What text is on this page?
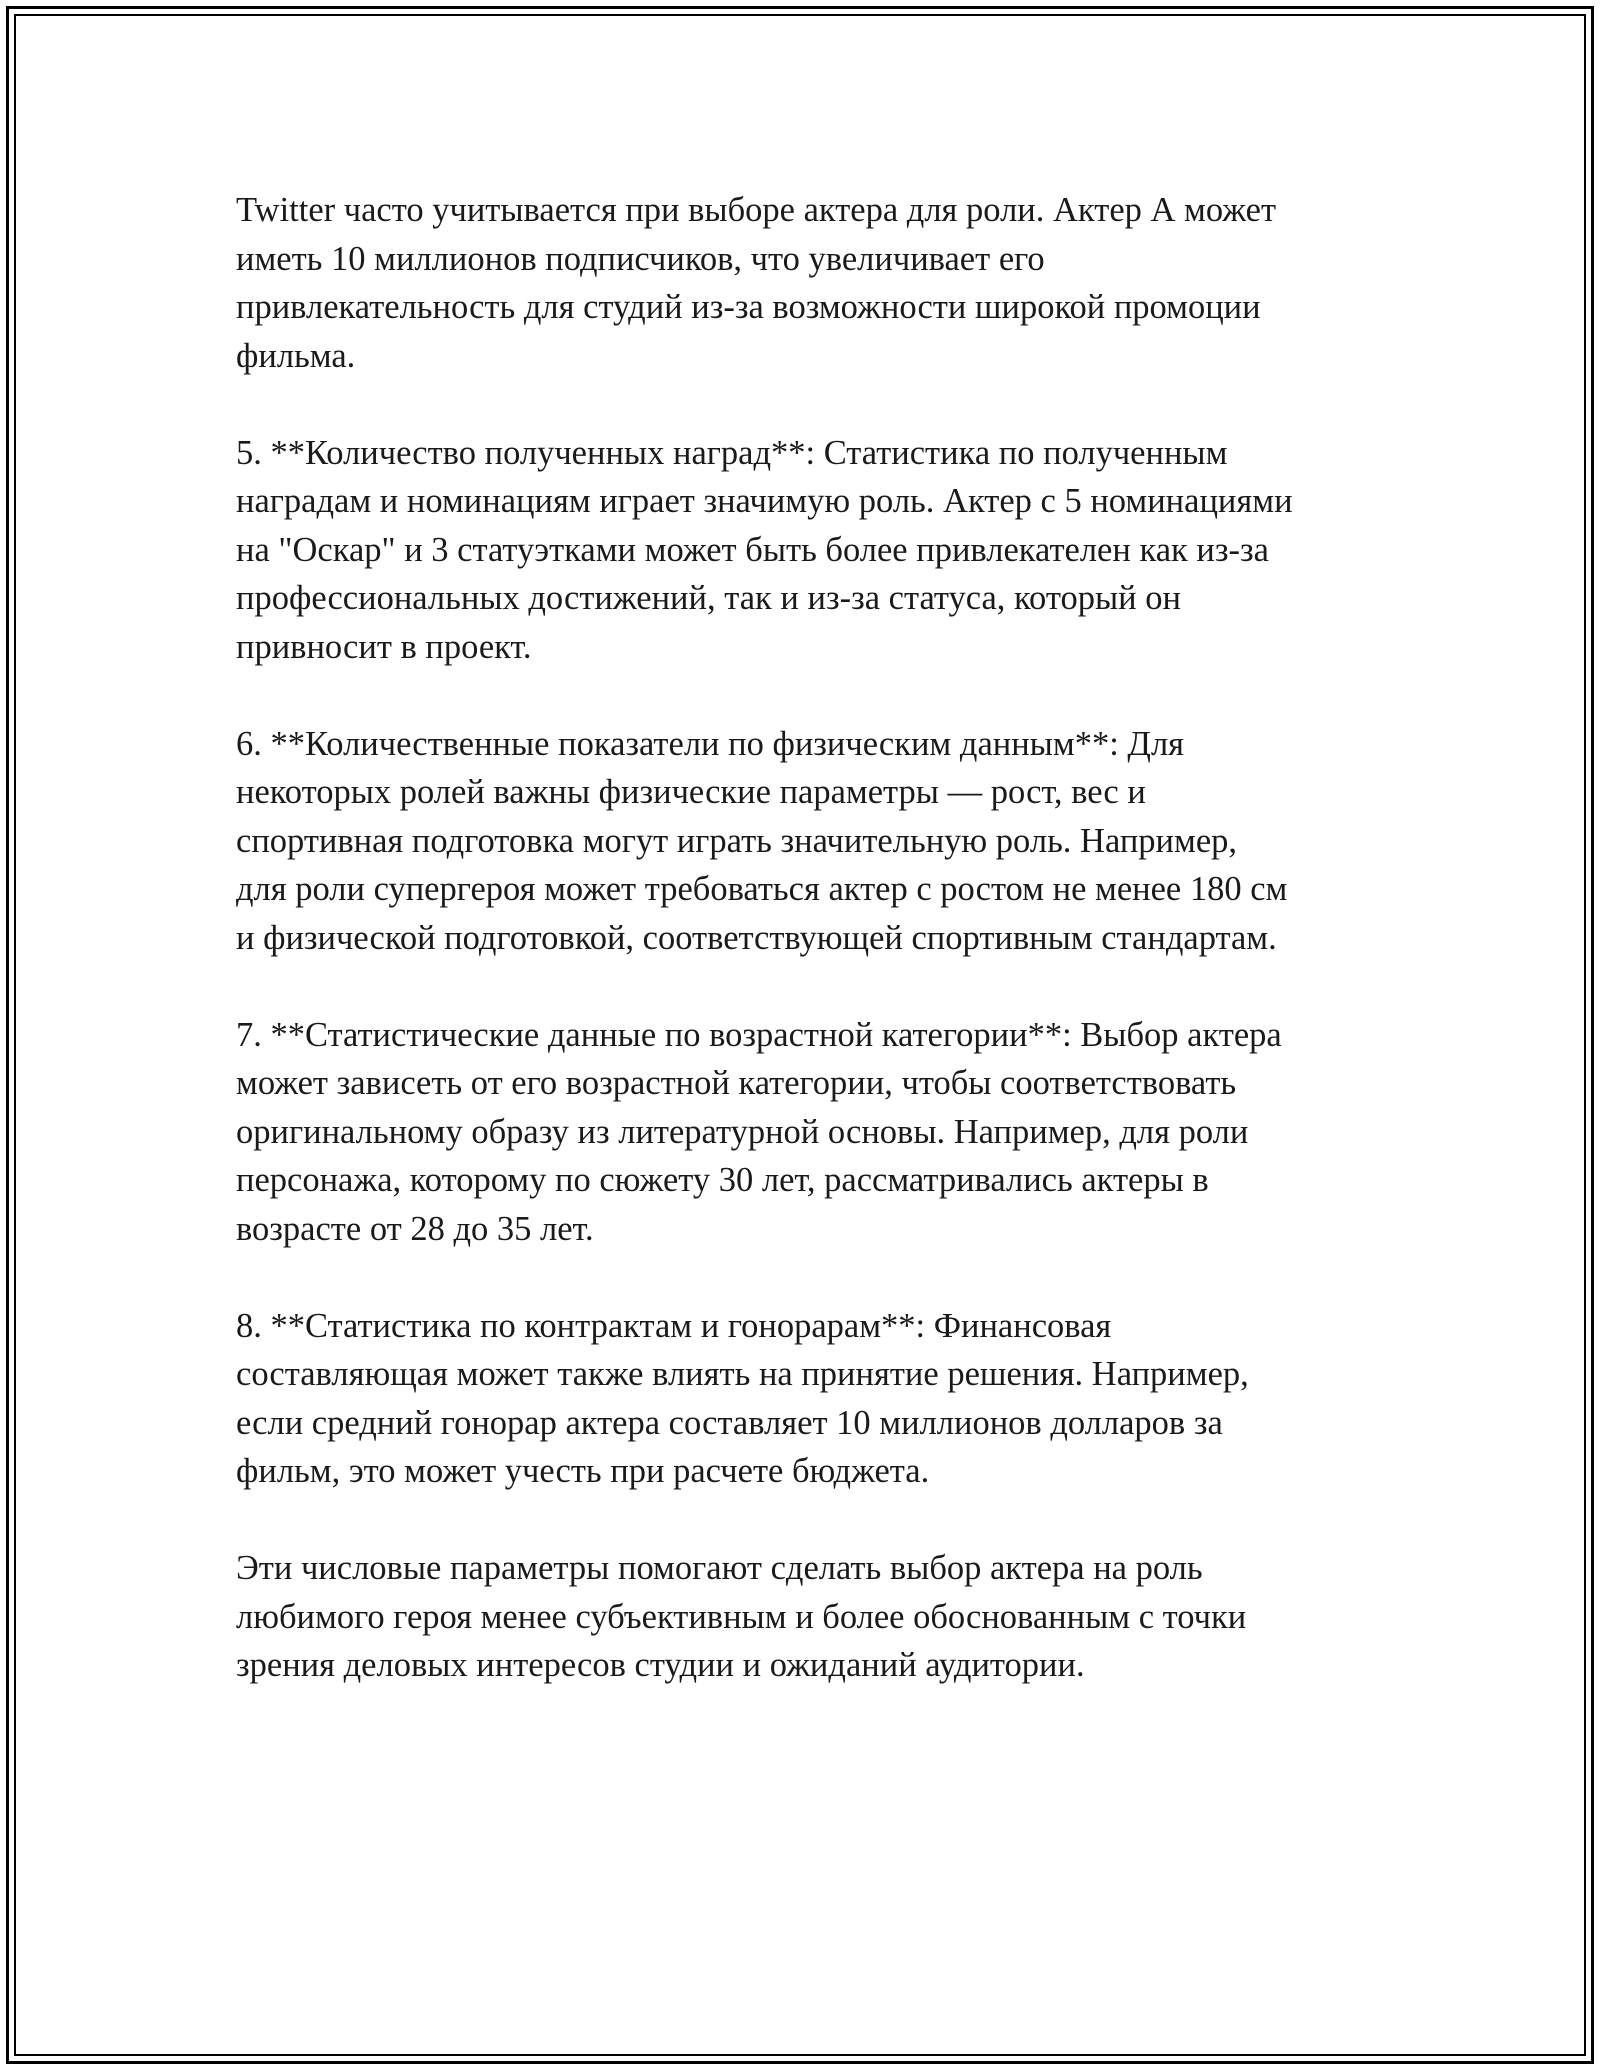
Twitter часто учитывается при выборе актера для роли. Актер А может
иметь 10 миллионов подписчиков, что увеличивает его
привлекательность для студий из-за возможности широкой промоции
фильма.

5. **Количество полученных наград**: Статистика по полученным
наградам и номинациям играет значимую роль. Актер с 5 номинациями
на "Оскар" и 3 статуэтками может быть более привлекателен как из-за
профессиональных достижений, так и из-за статуса, который он
привносит в проект.

6. **Количественные показатели по физическим данным**: Для
некоторых ролей важны физические параметры — рост, вес и
спортивная подготовка могут играть значительную роль. Например,
для роли супергероя может требоваться актер с ростом не менее 180 см
и физической подготовкой, соответствующей спортивным стандартам.

7. **Статистические данные по возрастной категории**: Выбор актера
может зависеть от его возрастной категории, чтобы соответствовать
оригинальному образу из литературной основы. Например, для роли
персонажа, которому по сюжету 30 лет, рассматривались актеры в
возрасте от 28 до 35 лет.

8. **Статистика по контрактам и гонорарам**: Финансовая
составляющая может также влиять на принятие решения. Например,
если средний гонорар актера составляет 10 миллионов долларов за
фильм, это может учесть при расчете бюджета.

Эти числовые параметры помогают сделать выбор актера на роль
любимого героя менее субъективным и более обоснованным с точки
зрения деловых интересов студии и ожиданий аудитории.
